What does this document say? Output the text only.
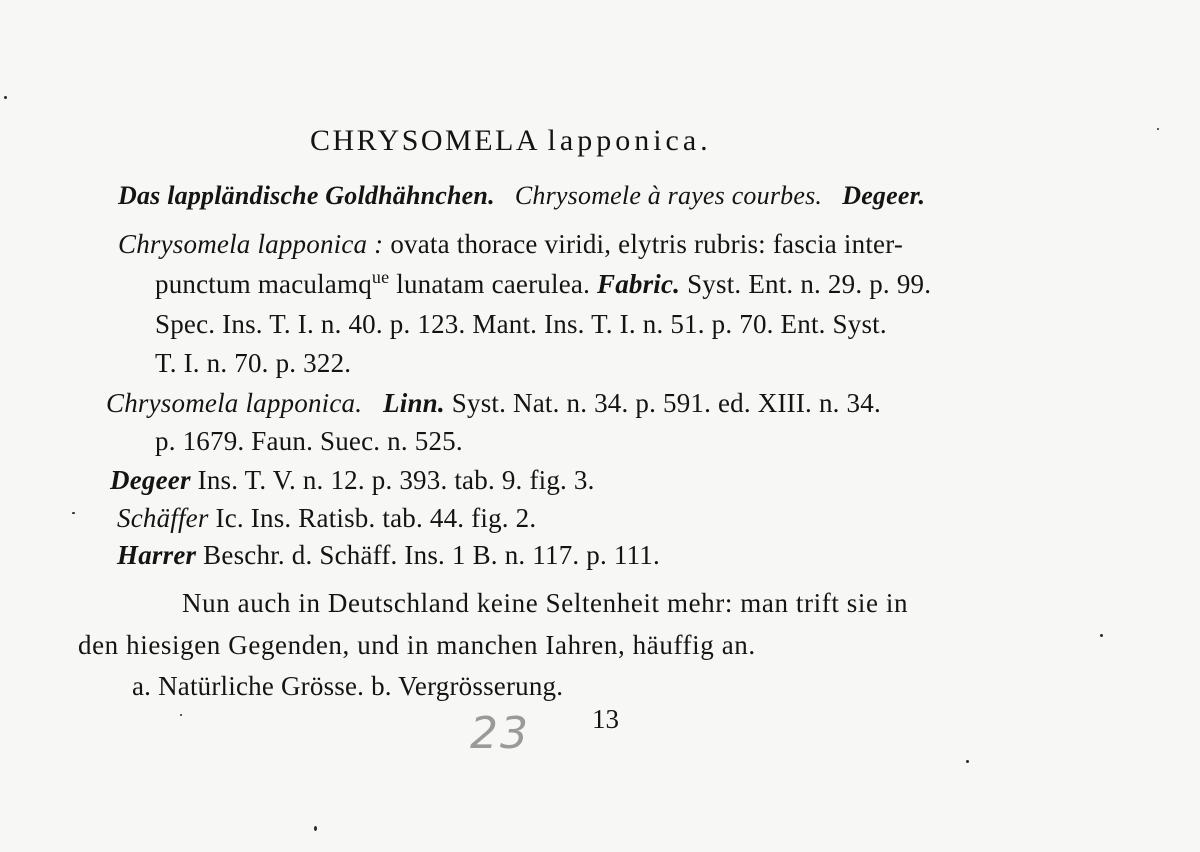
CHRYSOMELA lapponica.
Das lappländische Goldhähnchen. Chrysomele à rayes courbes. Degeer.
Chrysomela lapponica : ovata thorace viridi, elytris rubris: fascia inter-
punctum maculamq$^{ue}$ lunatam caerulea. Fabric. Syst. Ent. n. 29. p. 99.
Spec. Ins. T. I. n. 40. p. 123. Mant. Ins. T. I. n. 51. p. 70. Ent. Syst.
T. I. n. 70. p. 322.
Chrysomela lapponica. Linn. Syst. Nat. n. 34. p. 591. ed. XIII. n. 34.
p. 1679. Faun. Suec. n. 525.
Degeer Ins. T. V. n. 12. p. 393. tab. 9. fig. 3.
Schäffer Ic. Ins. Ratisb. tab. 44. fig. 2.
Harrer Beschr. d. Schäff. Ins. 1 B. n. 117. p. 111.
Nun auch in Deutschland keine Seltenheit mehr: man trift sie in
den hiesigen Gegenden, und in manchen Iahren, häuffig an.
a. Natürliche Grösse. b. Vergrösserung.
23 13
